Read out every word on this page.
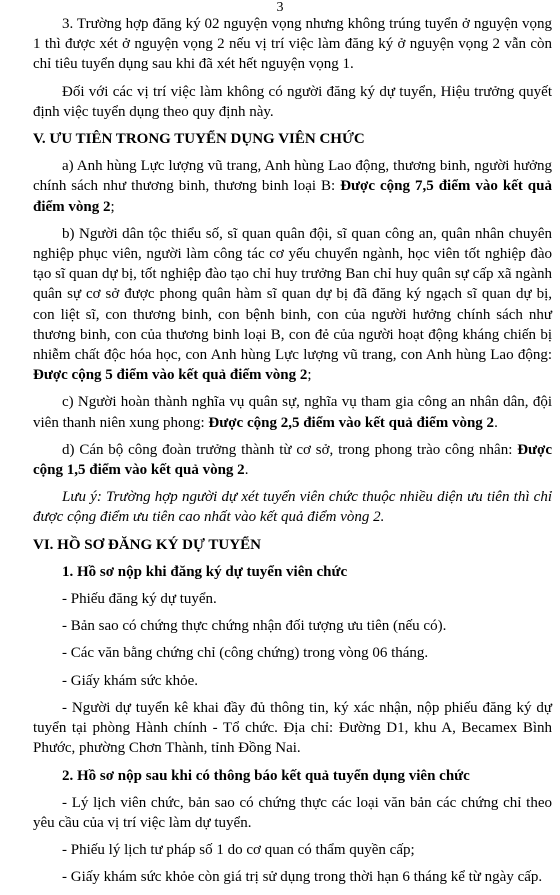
3

3. Trường hợp đăng ký 02 nguyện vọng nhưng không trúng tuyển ở nguyện vọng 1 thì được xét ở nguyện vọng 2 nếu vị trí việc làm đăng ký ở nguyện vọng 2 vẫn còn chỉ tiêu tuyển dụng sau khi đã xét hết nguyện vọng 1.

Đối với các vị trí việc làm không có người đăng ký dự tuyển, Hiệu trưởng quyết định việc tuyển dụng theo quy định này.

V. ƯU TIÊN TRONG TUYỂN DỤNG VIÊN CHỨC

a) Anh hùng Lực lượng vũ trang, Anh hùng Lao động, thương binh, người hưởng chính sách như thương binh, thương binh loại B: Được cộng 7,5 điểm vào kết quả điểm vòng 2;

b) Người dân tộc thiểu số, sĩ quan quân đội, sĩ quan công an, quân nhân chuyên nghiệp phục viên, người làm công tác cơ yếu chuyển ngành, học viên tốt nghiệp đào tạo sĩ quan dự bị, tốt nghiệp đào tạo chỉ huy trưởng Ban chỉ huy quân sự cấp xã ngành quân sự cơ sở được phong quân hàm sĩ quan dự bị đã đăng ký ngạch sĩ quan dự bị, con liệt sĩ, con thương binh, con bệnh binh, con của người hưởng chính sách như thương binh, con của thương binh loại B, con đẻ của người hoạt động kháng chiến bị nhiễm chất độc hóa học, con Anh hùng Lực lượng vũ trang, con Anh hùng Lao động: Được cộng 5 điểm vào kết quả điểm vòng 2;

c) Người hoàn thành nghĩa vụ quân sự, nghĩa vụ tham gia công an nhân dân, đội viên thanh niên xung phong: Được cộng 2,5 điểm vào kết quả điểm vòng 2.

d) Cán bộ công đoàn trưởng thành từ cơ sở, trong phong trào công nhân: Được cộng 1,5 điểm vào kết quả vòng 2.

Lưu ý: Trường hợp người dự xét tuyển viên chức thuộc nhiều diện ưu tiên thì chỉ được cộng điểm ưu tiên cao nhất vào kết quả điểm vòng 2.

VI. HỒ SƠ ĐĂNG KÝ DỰ TUYỂN
1. Hồ sơ nộp khi đăng ký dự tuyển viên chức

- Phiếu đăng ký dự tuyển.

- Bản sao có chứng thực chứng nhận đối tượng ưu tiên (nếu có).

- Các văn bằng chứng chỉ (công chứng) trong vòng 06 tháng.

- Giấy khám sức khỏe.

- Người dự tuyển kê khai đầy đủ thông tin, ký xác nhận, nộp phiếu đăng ký dự tuyển tại phòng Hành chính - Tổ chức. Địa chỉ: Đường D1, khu A, Becamex Bình Phước, phường Chơn Thành, tỉnh Đồng Nai.

2. Hồ sơ nộp sau khi có thông báo kết quả tuyển dụng viên chức

- Lý lịch viên chức, bản sao có chứng thực các loại văn bản các chứng chỉ theo yêu cầu của vị trí việc làm dự tuyển.

- Phiếu lý lịch tư pháp số 1 do cơ quan có thẩm quyền cấp;

- Giấy khám sức khỏe còn giá trị sử dụng trong thời hạn 6 tháng kể từ ngày cấp.
